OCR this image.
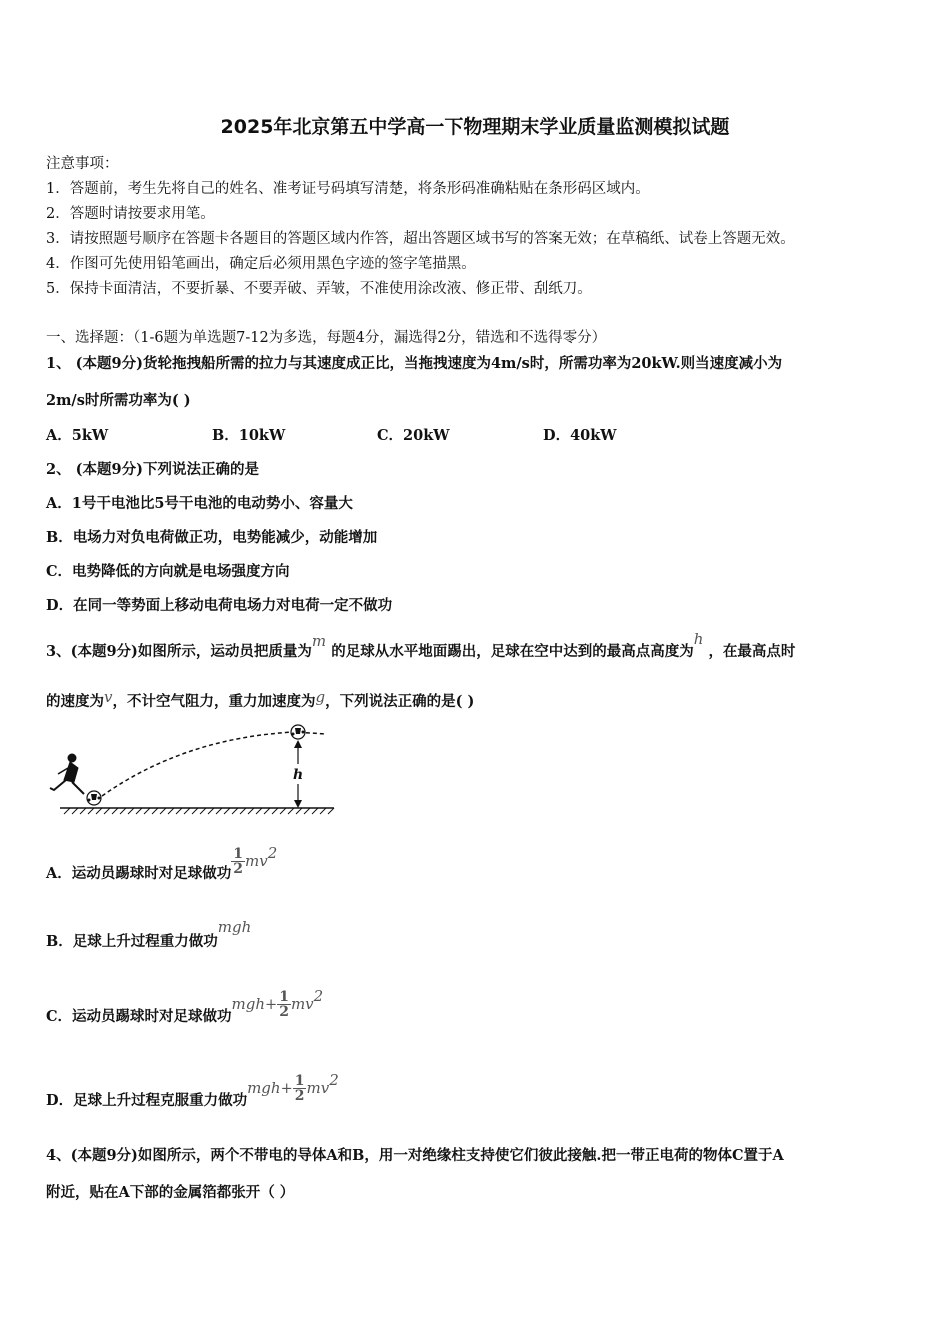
2025年北京第五中学高一下物理期末学业质量监测模拟试题
注意事项：
1．答题前，考生先将自己的姓名、准考证号码填写清楚，将条形码准确粘贴在条形码区域内。
2．答题时请按要求用笔。
3．请按照题号顺序在答题卡各题目的答题区域内作答，超出答题区域书写的答案无效；在草稿纸、试卷上答题无效。
4．作图可先使用铅笔画出，确定后必须用黑色字迹的签字笔描黑。
5．保持卡面清洁，不要折暴、不要弄破、弄皱，不准使用涂改液、修正带、刮纸刀。
一、选择题：（1-6题为单选题7-12为多选，每题4分，漏选得2分，错选和不选得零分）
1、 (本题9分)货轮拖拽船所需的拉力与其速度成正比，当拖拽速度为4m/s时，所需功率为20kW.则当速度减小为
2m/s时所需功率为( )
A．5kW	B．10kW	C．20kW	D．40kW
2、 (本题9分)下列说法正确的是
A．1号干电池比5号干电池的电动势小、容量大
B．电场力对负电荷做正功，电势能减少，动能增加
C．电势降低的方向就是电场强度方向
D．在同一等势面上移动电荷电场力对电荷一定不做功
3、(本题9分)如图所示，运动员把质量为m 的足球从水平地面踢出，足球在空中达到的最高点高度为h ，在最高点时
的速度为v，不计空气阻力，重力加速度为g，下列说法正确的是( )
h
A．运动员踢球时对足球做功 $\frac{1}{2} mv^2$
B．足球上升过程重力做功mgh
C．运动员踢球时对足球做功$mgh+ \frac{1}{2} mv^2$
D．足球上升过程克服重力做功$mgh+ \frac{1}{2} mv^2$
4、(本题9分)如图所示，两个不带电的导体A和B，用一对绝缘柱支持使它们彼此接触.把一带正电荷的物体C置于A
附近，贴在A下部的金属箔都张开（ ）
